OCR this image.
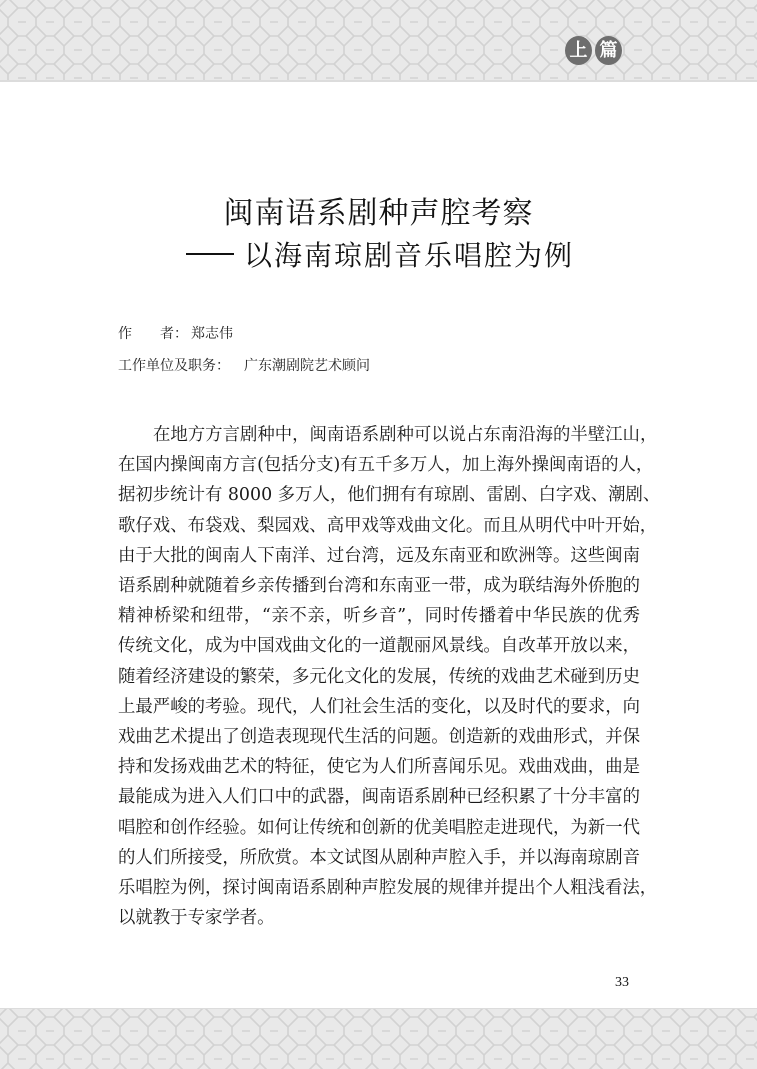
上 篇
闽南语系剧种声腔考察
以海南琼剧音乐唱腔为例
作　　者： 郑志伟
工作单位及职务： 广东潮剧院艺术顾问
在地方方言剧种中，闽南语系剧种可以说占东南沿海的半壁江山，
在国内操闽南方言(包括分支)有五千多万人，加上海外操闽南语的人，
据初步统计有 8000 多万人，他们拥有有琼剧、雷剧、白字戏、潮剧、
歌仔戏、布袋戏、梨园戏、高甲戏等戏曲文化。而且从明代中叶开始，
由于大批的闽南人下南洋、过台湾，远及东南亚和欧洲等。这些闽南
语系剧种就随着乡亲传播到台湾和东南亚一带，成为联结海外侨胞的
精神桥梁和纽带，“亲不亲，听乡音”，同时传播着中华民族的优秀
传统文化，成为中国戏曲文化的一道靓丽风景线。自改革开放以来，
随着经济建设的繁荣，多元化文化的发展，传统的戏曲艺术碰到历史
上最严峻的考验。现代，人们社会生活的变化，以及时代的要求，向
戏曲艺术提出了创造表现现代生活的问题。创造新的戏曲形式，并保
持和发扬戏曲艺术的特征，使它为人们所喜闻乐见。戏曲戏曲，曲是
最能成为进入人们口中的武器，闽南语系剧种已经积累了十分丰富的
唱腔和创作经验。如何让传统和创新的优美唱腔走进现代，为新一代
的人们所接受，所欣赏。本文试图从剧种声腔入手，并以海南琼剧音
乐唱腔为例，探讨闽南语系剧种声腔发展的规律并提出个人粗浅看法，
以就教于专家学者。
33
